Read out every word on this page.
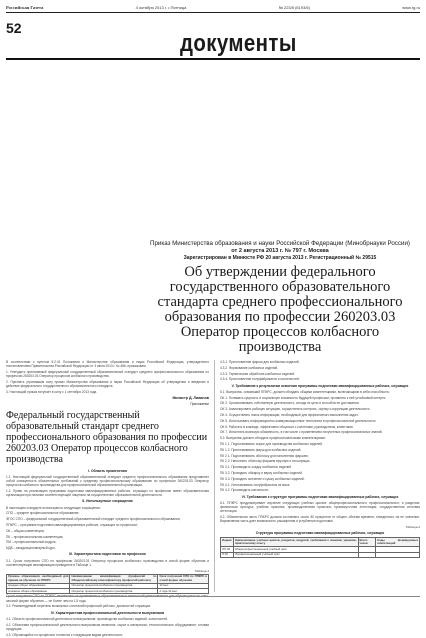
Российская Газета	4 октября 2013 г. • Пятница	№ 223/5 (6193/5)	www.rg.ru
52
документы
Приказ Министерства образования и науки Российской Федерации (Минобрнауки России)
от 2 августа 2013 г. № 797 г. Москва
Зарегистрирован в Минюсте РФ 20 августа 2013 г. Регистрационный № 29515
Об утверждении федерального государственного образовательного стандарта среднего профессионального образования по профессии 260203.03 Оператор процессов колбасного производства
В соответствии с пунктом 5.2.41 Положения о Министерстве образования и науки Российской Федерации, утвержденного постановлением Правительства Российской Федерации от 3 июня 2013 г. № 466, приказываю:
1. Утвердить прилагаемый федеральный государственный образовательный стандарт среднего профессионального образования по профессии 260203.03 Оператор процессов колбасного производства.
2. Признать утратившим силу приказ Министерства образования и науки Российской Федерации об утверждении и введении в действие федерального государственного образовательного стандарта.
3. Настоящий приказ вступает в силу с 1 сентября 2013 года.
Министр Д. Ливанов
Приложение
Федеральный государственный образовательный стандарт среднего профессионального образования по профессии 260203.03 Оператор процессов колбасного производства
I. Область применения
1.1. Настоящий федеральный государственный образовательный стандарт среднего профессионального образования представляет собой совокупность обязательных требований к среднему профессиональному образованию по профессии 260203.03 Оператор процессов колбасного производства для профессиональной образовательной организации.
1.2. Право на реализацию программы подготовки квалифицированных рабочих, служащих по профессии имеет образовательная организация при наличии соответствующей лицензии на осуществление образовательной деятельности.
II. Используемые сокращения
В настоящем стандарте используются следующие сокращения:
СПО – среднее профессиональное образование;
ФГОС СПО – федеральный государственный образовательный стандарт среднего профессионального образования;
ППКРС – программа подготовки квалифицированных рабочих, служащих по профессии;
ОК – общая компетенция;
ПК – профессиональная компетенция;
ПМ – профессиональный модуль;
МДК – междисциплинарный курс.
III. Характеристика подготовки по профессии
3.1. Сроки получения СПО по профессии 260203.03 Оператор процессов колбасного производства в очной форме обучения и соответствующие квалификации приводятся в Таблице 1.
Таблица 1
Уровень образования, необходимый для приема на обучение по ППКРС	Наименование квалификации (профессий по Общероссийскому классификатору профессий рабочих)	Срок получения СПО по ППКРС в очной форме обучения
среднее общее образование	Оператор процессов колбасного производства	10 мес.
основное общее образование	Оператор процессов колбасного производства	2 года 10 мес.
Сроки получения СПО по ППКРС независимо от применяемых образовательных технологий увеличиваются для обучающихся по очно-заочной форме обучения — не более чем на 1,5 года.
3.2. Рекомендуемый перечень возможных сочетаний профессий рабочих, должностей служащих.
IV. Характеристика профессиональной деятельности выпускников
4.1. Область профессиональной деятельности выпускников: производство колбасных изделий, копченостей.
4.2. Объектами профессиональной деятельности выпускников являются: сырье и материалы; технологическое оборудование; готовая продукция.
4.3. Обучающийся по профессии готовится к следующим видам деятельности.
4.3.1. Приготовление фарша для колбасных изделий.
4.3.2. Формование колбасных изделий.
4.3.3. Термическая обработка колбасных изделий.
4.3.4. Приготовление полуфабрикатов и копченостей.
V. Требования к результатам освоения программы подготовки квалифицированных рабочих, служащих
5.1. Выпускник, освоивший ППКРС, должен обладать общими компетенциями, включающими в себя способность:
ОК 1. Понимать сущность и социальную значимость будущей профессии, проявлять к ней устойчивый интерес.
ОК 2. Организовывать собственную деятельность, исходя из цели и способов ее достижения.
ОК 3. Анализировать рабочую ситуацию, осуществлять контроль, оценку и коррекцию деятельности.
ОК 4. Осуществлять поиск информации, необходимой для эффективного выполнения задач.
ОК 5. Использовать информационно-коммуникационные технологии в профессиональной деятельности.
ОК 6. Работать в команде, эффективно общаться с коллегами, руководством, клиентами.
ОК 7. Исполнять воинскую обязанность, в том числе с применением полученных профессиональных знаний.
5.2. Выпускник должен обладать профессиональными компетенциями:
ПК 1.1. Подготавливать сырье для производства колбасных изделий.
ПК 1.2. Приготавливать фарш для колбасных изделий.
ПК 2.1. Подготавливать оболочку для наполнения фаршем.
ПК 2.2. Наполнять оболочку фаршем вручную и на шприцах.
ПК 3.1. Производить осадку колбасных изделий.
ПК 3.2. Проводить обжарку и варку колбасных изделий.
ПК 3.3. Проводить копчение и сушку колбасных изделий.
ПК 4.1. Изготавливать полуфабрикаты из мяса.
ПК 4.2. Производить копчености.
VI. Требования к структуре программы подготовки квалифицированных рабочих, служащих
6.1. ППКРС предусматривает изучение следующих учебных циклов: общепрофессионального; профессионального; и разделов: физическая культура; учебная практика; производственная практика; промежуточная аттестация; государственная итоговая аттестация.
6.2. Обязательная часть ППКРС должна составлять около 80 процентов от общего объема времени, отведенного на ее освоение. Вариативная часть дает возможность расширения и углубления подготовки.
Таблица 2
Структура программы подготовки квалифицированных рабочих, служащих
Индекс	Наименование учебных циклов, разделов, модулей, требования к знаниям, умениям, практическому опыту	Всего часов	Коды формируемых компетенций
ОП.00	Общепрофессиональный учебный цикл		
П.00	Профессиональный учебный цикл		
